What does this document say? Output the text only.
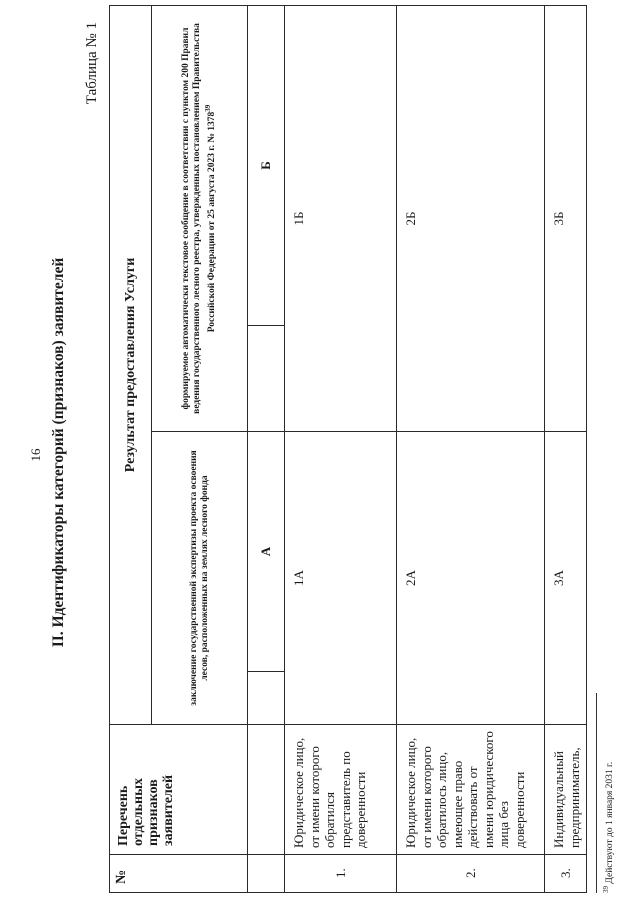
16 II. Идентификаторы категорий (признаков) заявителей
Таблица № 1
№	Перечень отдельных признаков заявителей	Результат предоставления Услуги			
		заключение государственной экспертизы проекта освоения лесов, расположенных на землях лесного фонда		формируемое автоматически текстовое сообщение в соответствии с пунктом 200 Правил ведения государственного лесного реестра, утвержденных постановлением Правительства Российской Федерации от 25 августа 2023 г. № 1378$^{39}$
			А		Б
1.	Юридическое лицо, от имени которого обратился представитель по доверенности	1А		1Б	
2.	Юридическое лицо, от имени которого обратилось лицо, имеющее право действовать от имени юридического лица без доверенности	2А		2Б	
3.	Индивидуальный предприниматель,	3А		3Б	
$^{39}$ Действуют до 1 января 2031 г.
